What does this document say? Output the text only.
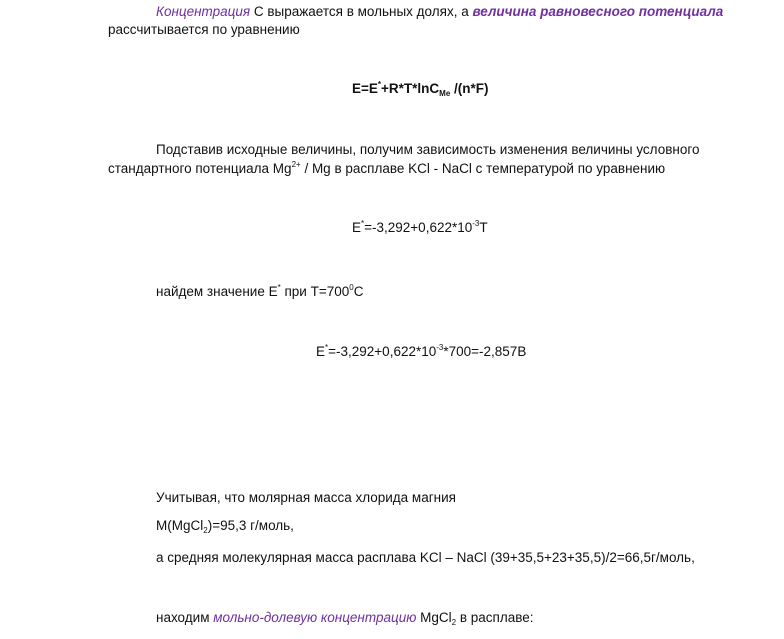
Концентрация С выражается в мольных долях, а величина равновесного потенциала
рассчитывается по уравнению
E=E*+R*T*lnC$_{Me}$ /(n*F)
Подставив исходные величины, получим зависимость изменения величины условного
стандартного потенциала $Mg^{2+}$ / Mg в расплаве KCl - NaCl с температурой по уравнению
$E^*=-3,292+0,622*10^{-3}T$
найдем значение E* при $T=700^0C$
$E^*=-3,292+0,622*10^{-3}*700=-2,857В$
Учитывая, что молярная масса хлорида магния
M(MgCl$_2$)=95,3 г/моль,
а средняя молекулярная масса расплава KCl – NaCl (39+35,5+23+35,5)/2=66,5г/моль,
находим мольно-долевую концентрацию MgCl$_2$ в расплаве:
